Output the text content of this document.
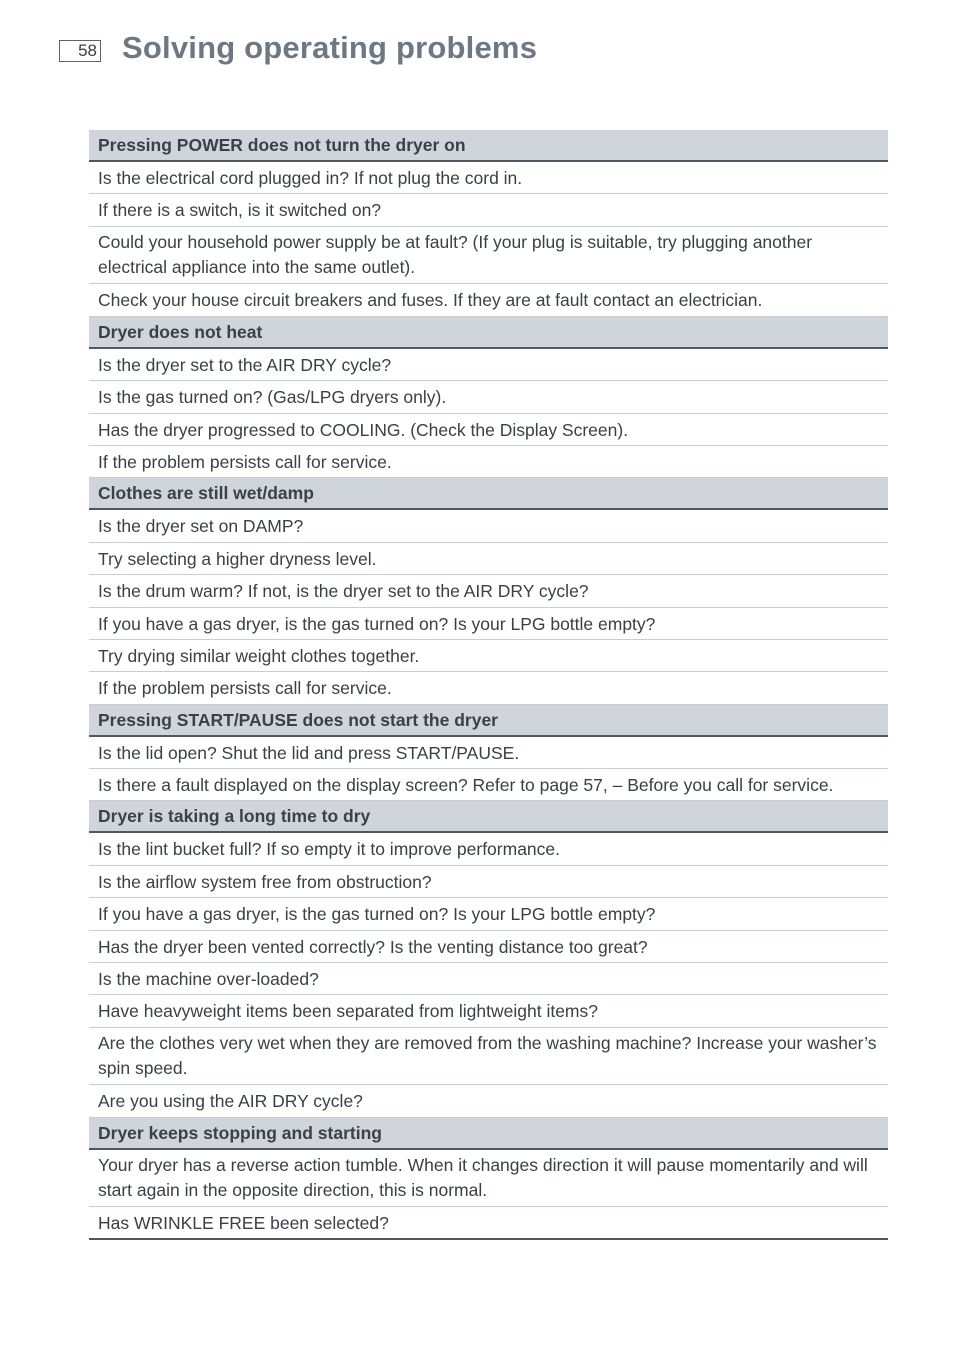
58 Solving operating problems
Pressing POWER does not turn the dryer on
Is the electrical cord plugged in? If not plug the cord in.
If there is a switch, is it switched on?
Could your household power supply be at fault? (If your plug is suitable, try plugging another electrical appliance into the same outlet).
Check your house circuit breakers and fuses. If they are at fault contact an electrician.
Dryer does not heat
Is the dryer set to the AIR DRY cycle?
Is the gas turned on? (Gas/LPG dryers only).
Has the dryer progressed to COOLING. (Check the Display Screen).
If the problem persists call for service.
Clothes are still wet/damp
Is the dryer set on DAMP?
Try selecting a higher dryness level.
Is the drum warm? If not, is the dryer set to the AIR DRY cycle?
If you have a gas dryer, is the gas turned on? Is your LPG bottle empty?
Try drying similar weight clothes together.
If the problem persists call for service.
Pressing START/PAUSE does not start the dryer
Is the lid open? Shut the lid and press START/PAUSE.
Is there a fault displayed on the display screen? Refer to page 57, – Before you call for service.
Dryer is taking a long time to dry
Is the lint bucket full? If so empty it to improve performance.
Is the airflow system free from obstruction?
If you have a gas dryer, is the gas turned on? Is your LPG bottle empty?
Has the dryer been vented correctly? Is the venting distance too great?
Is the machine over-loaded?
Have heavyweight items been separated from lightweight items?
Are the clothes very wet when they are removed from the washing machine? Increase your washer’s spin speed.
Are you using the AIR DRY cycle?
Dryer keeps stopping and starting
Your dryer has a reverse action tumble. When it changes direction it will pause momentarily and will start again in the opposite direction, this is normal.
Has WRINKLE FREE been selected?
